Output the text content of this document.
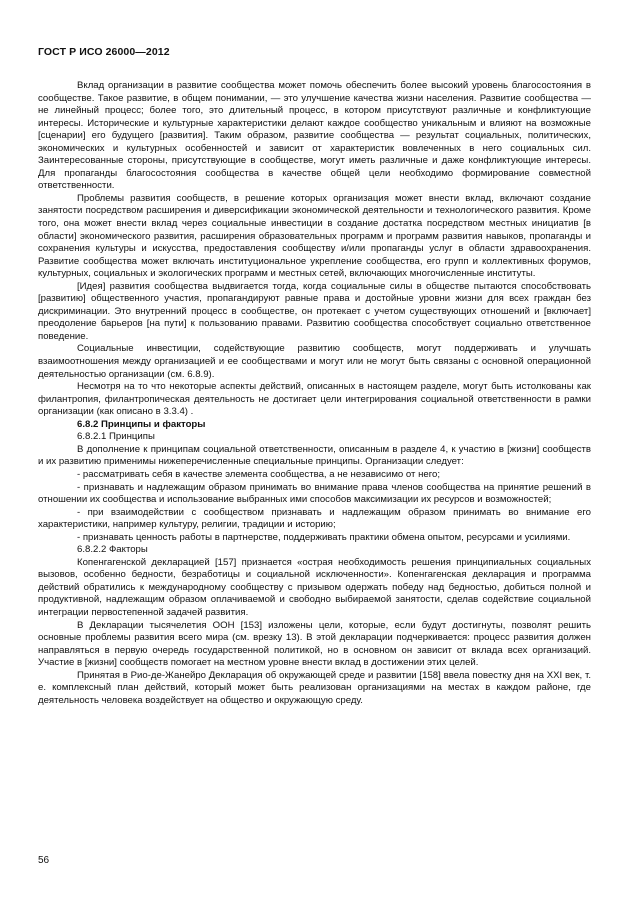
ГОСТ Р ИСО 26000—2012

Вклад организации в развитие сообщества может помочь обеспечить более высокий уровень благосостояния в сообществе. Такое развитие, в общем понимании, — это улучшение качества жизни населения. Развитие сообщества — не линейный процесс; более того, это длительный процесс, в котором присутствуют различные и конфликтующие интересы. Исторические и культурные характеристики делают каждое сообщество уникальным и влияют на возможные [сценарии] его будущего [развития]. Таким образом, развитие сообщества — результат социальных, политических, экономических и культурных особенностей и зависит от характеристик вовлеченных в него социальных сил. Заинтересованные стороны, присутствующие в сообществе, могут иметь различные и даже конфликтующие интересы. Для пропаганды благосостояния сообщества в качестве общей цели необходимо формирование совместной ответственности.

Проблемы развития сообществ, в решение которых организация может внести вклад, включают создание занятости посредством расширения и диверсификации экономической деятельности и технологического развития. Кроме того, она может внести вклад через социальные инвестиции в создание достатка посредством местных инициатив [в области] экономического развития, расширения образовательных программ и программ развития навыков, пропаганды и сохранения культуры и искусства, предоставления сообществу и/или пропаганды услуг в области здравоохранения. Развитие сообщества может включать институциональное укрепление сообщества, его групп и коллективных форумов, культурных, социальных и экологических программ и местных сетей, включающих многочисленные институты.

[Идея] развития сообщества выдвигается тогда, когда социальные силы в обществе пытаются способствовать [развитию] общественного участия, пропагандируют равные права и достойные уровни жизни для всех граждан без дискриминации. Это внутренний процесс в сообществе, он протекает с учетом существующих отношений и [включает] преодоление барьеров [на пути] к пользованию правами. Развитию сообщества способствует социально ответственное поведение.

Социальные инвестиции, содействующие развитию сообществ, могут поддерживать и улучшать взаимоотношения между организацией и ее сообществами и могут или не могут быть связаны с основной операционной деятельностью организации (см. 6.8.9).

Несмотря на то что некоторые аспекты действий, описанных в настоящем разделе, могут быть истолкованы как филантропия, филантропическая деятельность не достигает цели интегрирования социальной ответственности в рамки организации (как описано в 3.3.4) .

6.8.2 Принципы и факторы

6.8.2.1 Принципы

В дополнение к принципам социальной ответственности, описанным в разделе 4, к участию в [жизни] сообществ и их развитию применимы нижеперечисленные специальные принципы. Организации следует:

- рассматривать себя в качестве элемента сообщества, а не независимо от него;

- признавать и надлежащим образом принимать во внимание права членов сообщества на принятие решений в отношении их сообщества и использование выбранных ими способов максимизации их ресурсов и возможностей;

- при взаимодействии с сообществом признавать и надлежащим образом принимать во внимание его характеристики, например культуру, религии, традиции и историю;

- признавать ценность работы в партнерстве, поддерживать практики обмена опытом, ресурсами и усилиями.

6.8.2.2 Факторы

Копенгагенской декларацией [157] признается «острая необходимость решения принципиальных социальных вызовов, особенно бедности, безработицы и социальной исключенности». Копенгагенская декларация и программа действий обратились к международному сообществу с призывом одержать победу над бедностью, добиться полной и продуктивной, надлежащим образом оплачиваемой и свободно выбираемой занятости, сделав содействие социальной интеграции первостепенной задачей развития.

В Декларации тысячелетия ООН [153] изложены цели, которые, если будут достигнуты, позволят решить основные проблемы развития всего мира (см. врезку 13). В этой декларации подчеркивается: процесс развития должен направляться в первую очередь государственной политикой, но в основном он зависит от вклада всех организаций. Участие в [жизни] сообществ помогает на местном уровне внести вклад в достижении этих целей.

Принятая в Рио-де-Жанейро Декларация об окружающей среде и развитии [158] ввела повестку дня на XXI век, т. е. комплексный план действий, который может быть реализован организациями на местах в каждом районе, где деятельность человека воздействует на общество и окружающую среду.

56
